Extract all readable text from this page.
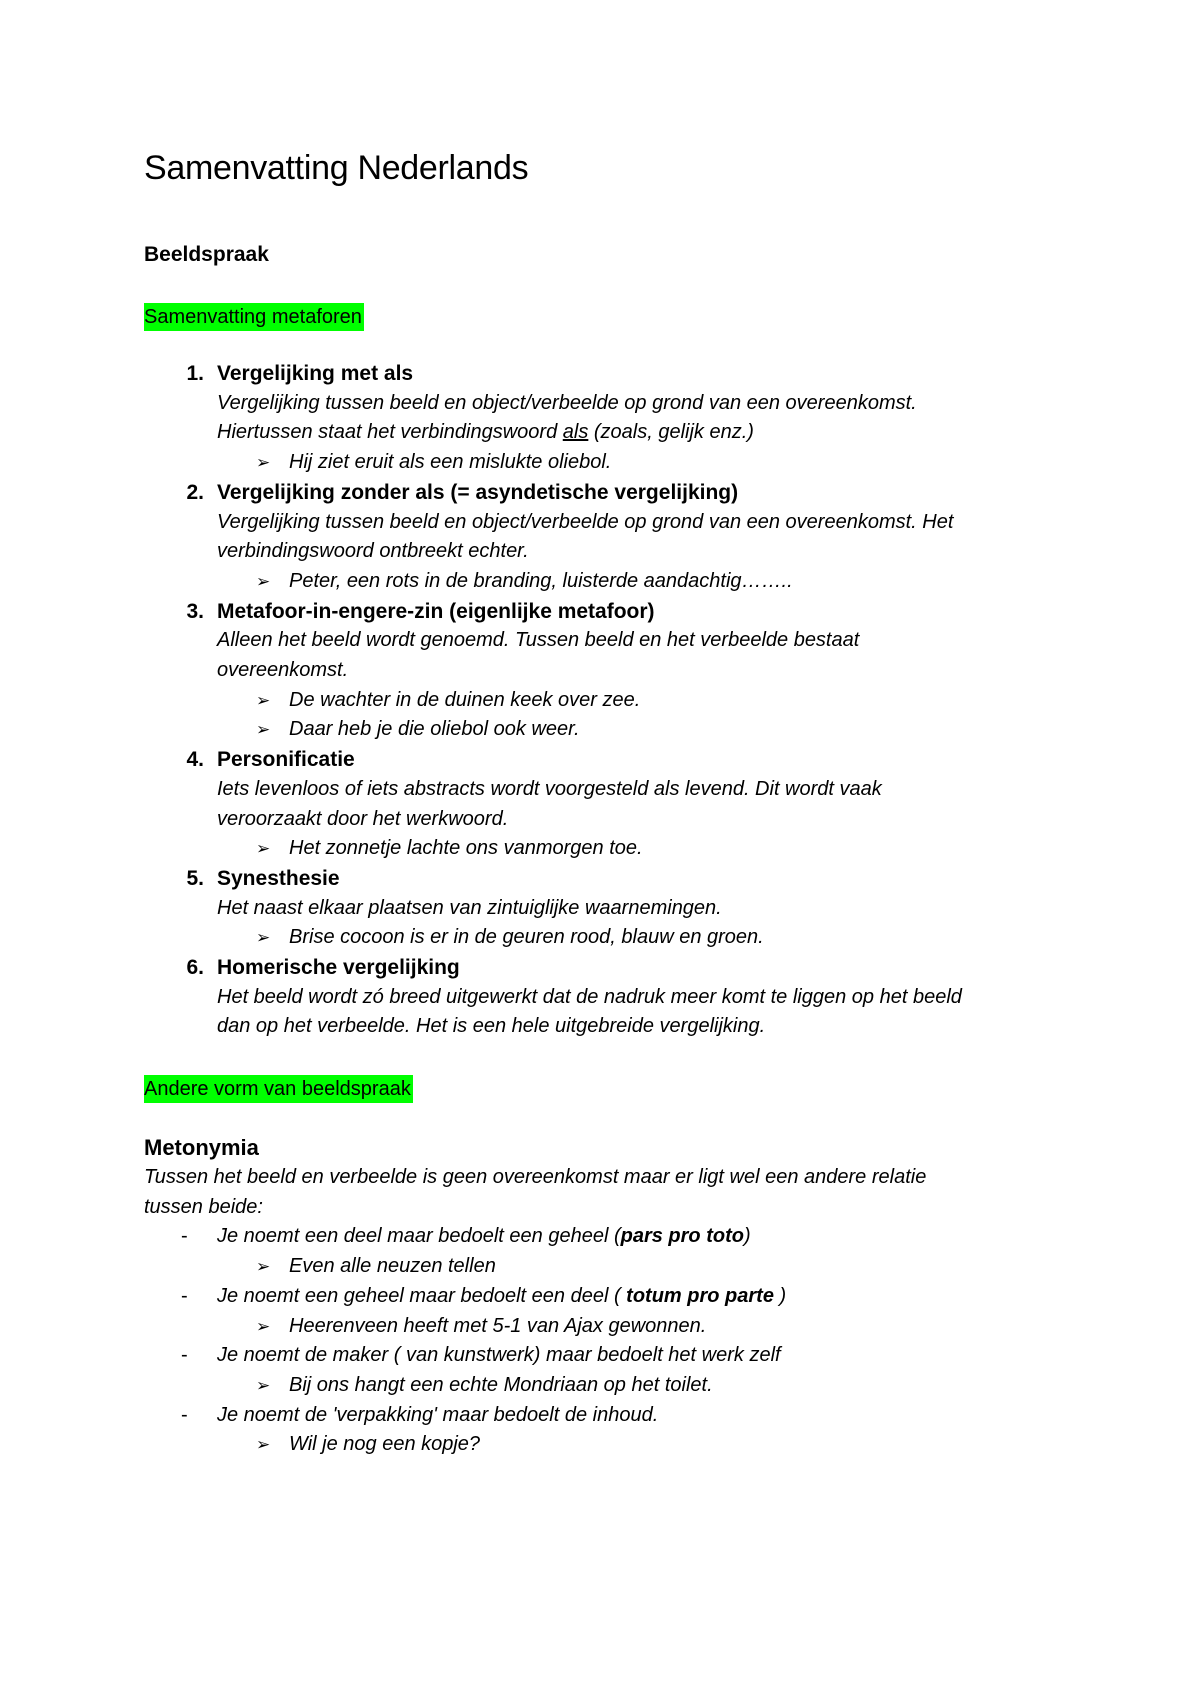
Samenvatting Nederlands
Beeldspraak
Samenvatting metaforen
1. Vergelijking met als
Vergelijking tussen beeld en object/verbeelde op grond van een overeenkomst.
Hiertussen staat het verbindingswoord als (zoals, gelijk enz.)
➢ Hij ziet eruit als een mislukte oliebol.
2. Vergelijking zonder als (= asyndetische vergelijking)
Vergelijking tussen beeld en object/verbeelde op grond van een overeenkomst. Het
verbindingswoord ontbreekt echter.
➢ Peter, een rots in de branding, luisterde aandachtig……..
3. Metafoor-in-engere-zin (eigenlijke metafoor)
Alleen het beeld wordt genoemd. Tussen beeld en het verbeelde bestaat
overeenkomst.
➢ De wachter in de duinen keek over zee.
➢ Daar heb je die oliebol ook weer.
4. Personificatie
Iets levenloos of iets abstracts wordt voorgesteld als levend. Dit wordt vaak
veroorzaakt door het werkwoord.
➢ Het zonnetje lachte ons vanmorgen toe.
5. Synesthesie
Het naast elkaar plaatsen van zintuiglijke waarnemingen.
➢ Brise cocoon is er in de geuren rood, blauw en groen.
6. Homerische vergelijking
Het beeld wordt zó breed uitgewerkt dat de nadruk meer komt te liggen op het beeld
dan op het verbeelde. Het is een hele uitgebreide vergelijking.
Andere vorm van beeldspraak
Metonymia
Tussen het beeld en verbeelde is geen overeenkomst maar er ligt wel een andere relatie
tussen beide:
- Je noemt een deel maar bedoelt een geheel (pars pro toto)
➢ Even alle neuzen tellen
- Je noemt een geheel maar bedoelt een deel ( totum pro parte )
➢ Heerenveen heeft met 5-1 van Ajax gewonnen.
- Je noemt de maker ( van kunstwerk) maar bedoelt het werk zelf
➢ Bij ons hangt een echte Mondriaan op het toilet.
- Je noemt de 'verpakking' maar bedoelt de inhoud.
➢ Wil je nog een kopje?
